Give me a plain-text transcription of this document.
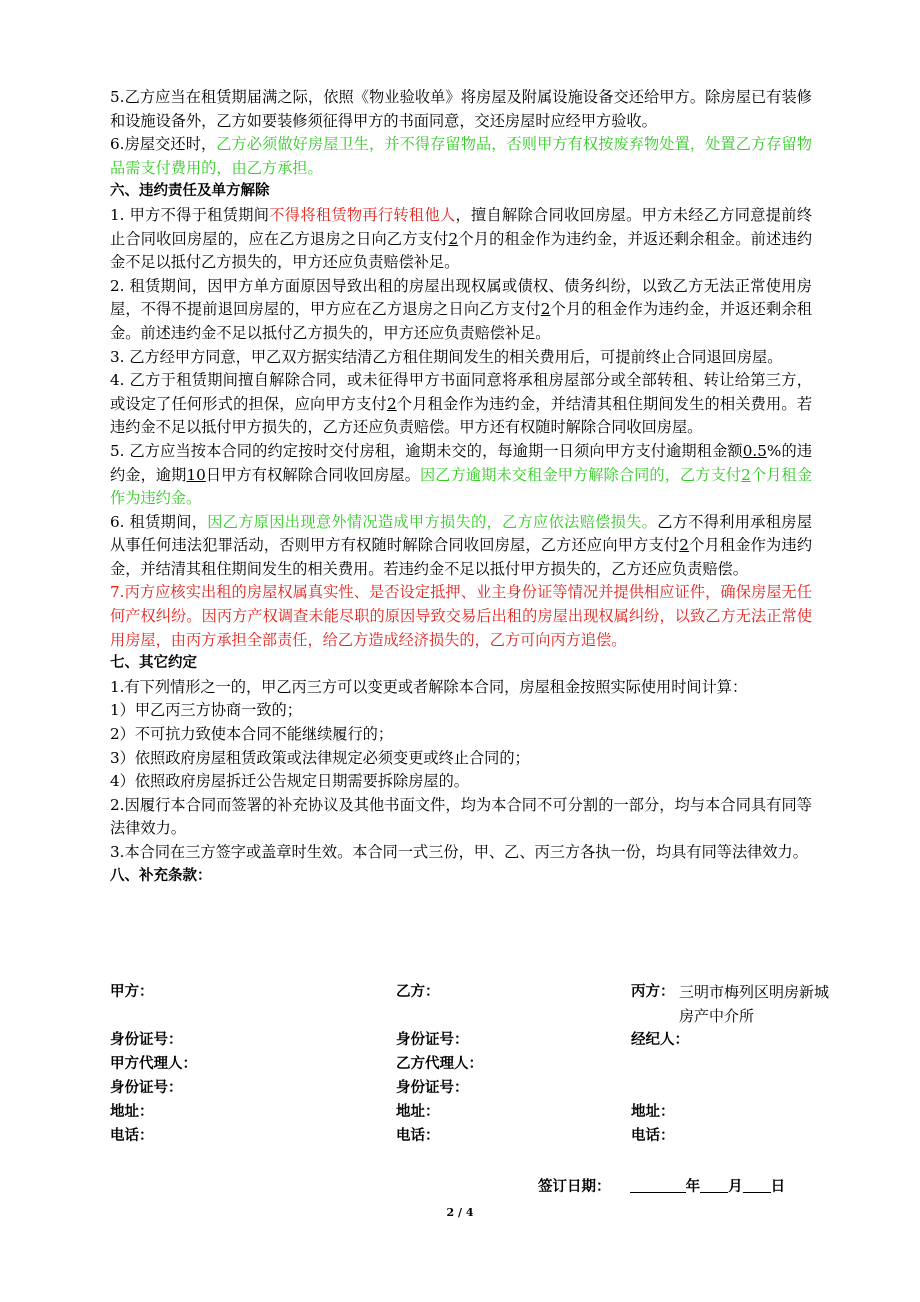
5.乙方应当在租赁期届满之际，依照《物业验收单》将房屋及附属设施设备交还给甲方。除房屋已有装修和设施设备外，乙方如要装修须征得甲方的书面同意，交还房屋时应经甲方验收。

6.房屋交还时，乙方必须做好房屋卫生，并不得存留物品，否则甲方有权按废弃物处置，处置乙方存留物品需支付费用的，由乙方承担。

六、违约责任及单方解除

1. 甲方不得于租赁期间不得将租赁物再行转租他人，擅自解除合同收回房屋。甲方未经乙方同意提前终止合同收回房屋的，应在乙方退房之日向乙方支付2个月的租金作为违约金，并返还剩余租金。前述违约金不足以抵付乙方损失的，甲方还应负责赔偿补足。

2. 租赁期间，因甲方单方面原因导致出租的房屋出现权属或债权、债务纠纷，以致乙方无法正常使用房屋，不得不提前退回房屋的，甲方应在乙方退房之日向乙方支付2个月的租金作为违约金，并返还剩余租金。前述违约金不足以抵付乙方损失的，甲方还应负责赔偿补足。

3. 乙方经甲方同意，甲乙双方据实结清乙方租住期间发生的相关费用后，可提前终止合同退回房屋。

4. 乙方于租赁期间擅自解除合同，或未征得甲方书面同意将承租房屋部分或全部转租、转让给第三方，或设定了任何形式的担保，应向甲方支付2个月租金作为违约金，并结清其租住期间发生的相关费用。若违约金不足以抵付甲方损失的，乙方还应负责赔偿。甲方还有权随时解除合同收回房屋。

5. 乙方应当按本合同的约定按时交付房租，逾期未交的，每逾期一日须向甲方支付逾期租金额0.5%的违约金，逾期10日甲方有权解除合同收回房屋。因乙方逾期未交租金甲方解除合同的，乙方支付2个月租金作为违约金。

6. 租赁期间，因乙方原因出现意外情况造成甲方损失的，乙方应依法赔偿损失。乙方不得利用承租房屋从事任何违法犯罪活动，否则甲方有权随时解除合同收回房屋，乙方还应向甲方支付2个月租金作为违约金，并结清其租住期间发生的相关费用。若违约金不足以抵付甲方损失的，乙方还应负责赔偿。

7.丙方应核实出租的房屋权属真实性、是否设定抵押、业主身份证等情况并提供相应证件，确保房屋无任何产权纠纷。因丙方产权调查未能尽职的原因导致交易后出租的房屋出现权属纠纷，以致乙方无法正常使用房屋，由丙方承担全部责任，给乙方造成经济损失的，乙方可向丙方追偿。

七、其它约定

1.有下列情形之一的，甲乙丙三方可以变更或者解除本合同，房屋租金按照实际使用时间计算：

1）甲乙丙三方协商一致的；

2）不可抗力致使本合同不能继续履行的；

3）依照政府房屋租赁政策或法律规定必须变更或终止合同的；

4）依照政府房屋拆迁公告规定日期需要拆除房屋的。

2.因履行本合同而签署的补充协议及其他书面文件，均为本合同不可分割的一部分，均与本合同具有同等法律效力。

3.本合同在三方签字或盖章时生效。本合同一式三份，甲、乙、丙三方各执一份，均具有同等法律效力。

八、补充条款：

甲方：	乙方：	丙方： 三明市梅列区明房新城房产中介所
身份证号：	身份证号：	经纪人：
甲方代理人：	乙方代理人：
身份证号：	身份证号：
地址：	地址：	地址：
电话：	电话：	电话：
签订日期：	年 月 日
2 / 4
